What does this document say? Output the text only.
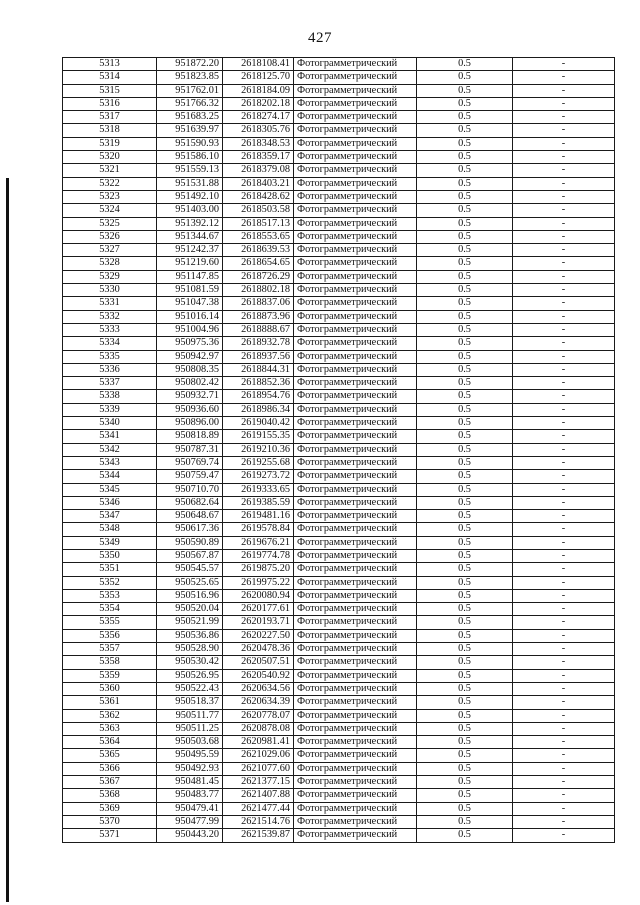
427
5313	951872.20	2618108.41	Фотограмметрический	0.5	-
5314	951823.85	2618125.70	Фотограмметрический	0.5	-
5315	951762.01	2618184.09	Фотограмметрический	0.5	-
5316	951766.32	2618202.18	Фотограмметрический	0.5	-
5317	951683.25	2618274.17	Фотограмметрический	0.5	-
5318	951639.97	2618305.76	Фотограмметрический	0.5	-
5319	951590.93	2618348.53	Фотограмметрический	0.5	-
5320	951586.10	2618359.17	Фотограмметрический	0.5	-
5321	951559.13	2618379.08	Фотограмметрический	0.5	-
5322	951531.88	2618403.21	Фотограмметрический	0.5	-
5323	951492.10	2618428.62	Фотограмметрический	0.5	-
5324	951403.00	2618503.58	Фотограмметрический	0.5	-
5325	951392.12	2618517.13	Фотограмметрический	0.5	-
5326	951344.67	2618553.65	Фотограмметрический	0.5	-
5327	951242.37	2618639.53	Фотограмметрический	0.5	-
5328	951219.60	2618654.65	Фотограмметрический	0.5	-
5329	951147.85	2618726.29	Фотограмметрический	0.5	-
5330	951081.59	2618802.18	Фотограмметрический	0.5	-
5331	951047.38	2618837.06	Фотограмметрический	0.5	-
5332	951016.14	2618873.96	Фотограмметрический	0.5	-
5333	951004.96	2618888.67	Фотограмметрический	0.5	-
5334	950975.36	2618932.78	Фотограмметрический	0.5	-
5335	950942.97	2618937.56	Фотограмметрический	0.5	-
5336	950808.35	2618844.31	Фотограмметрический	0.5	-
5337	950802.42	2618852.36	Фотограмметрический	0.5	-
5338	950932.71	2618954.76	Фотограмметрический	0.5	-
5339	950936.60	2618986.34	Фотограмметрический	0.5	-
5340	950896.00	2619040.42	Фотограмметрический	0.5	-
5341	950818.89	2619155.35	Фотограмметрический	0.5	-
5342	950787.31	2619210.36	Фотограмметрический	0.5	-
5343	950769.74	2619255.68	Фотограмметрический	0.5	-
5344	950759.47	2619273.72	Фотограмметрический	0.5	-
5345	950710.70	2619333.65	Фотограмметрический	0.5	-
5346	950682.64	2619385.59	Фотограмметрический	0.5	-
5347	950648.67	2619481.16	Фотограмметрический	0.5	-
5348	950617.36	2619578.84	Фотограмметрический	0.5	-
5349	950590.89	2619676.21	Фотограмметрический	0.5	-
5350	950567.87	2619774.78	Фотограмметрический	0.5	-
5351	950545.57	2619875.20	Фотограмметрический	0.5	-
5352	950525.65	2619975.22	Фотограмметрический	0.5	-
5353	950516.96	2620080.94	Фотограмметрический	0.5	-
5354	950520.04	2620177.61	Фотограмметрический	0.5	-
5355	950521.99	2620193.71	Фотограмметрический	0.5	-
5356	950536.86	2620227.50	Фотограмметрический	0.5	-
5357	950528.90	2620478.36	Фотограмметрический	0.5	-
5358	950530.42	2620507.51	Фотограмметрический	0.5	-
5359	950526.95	2620540.92	Фотограмметрический	0.5	-
5360	950522.43	2620634.56	Фотограмметрический	0.5	-
5361	950518.37	2620634.39	Фотограмметрический	0.5	-
5362	950511.77	2620778.07	Фотограмметрический	0.5	-
5363	950511.25	2620878.08	Фотограмметрический	0.5	-
5364	950503.68	2620981.41	Фотограмметрический	0.5	-
5365	950495.59	2621029.06	Фотограмметрический	0.5	-
5366	950492.93	2621077.60	Фотограмметрический	0.5	-
5367	950481.45	2621377.15	Фотограмметрический	0.5	-
5368	950483.77	2621407.88	Фотограмметрический	0.5	-
5369	950479.41	2621477.44	Фотограмметрический	0.5	-
5370	950477.99	2621514.76	Фотограмметрический	0.5	-
5371	950443.20	2621539.87	Фотограмметрический	0.5	-
